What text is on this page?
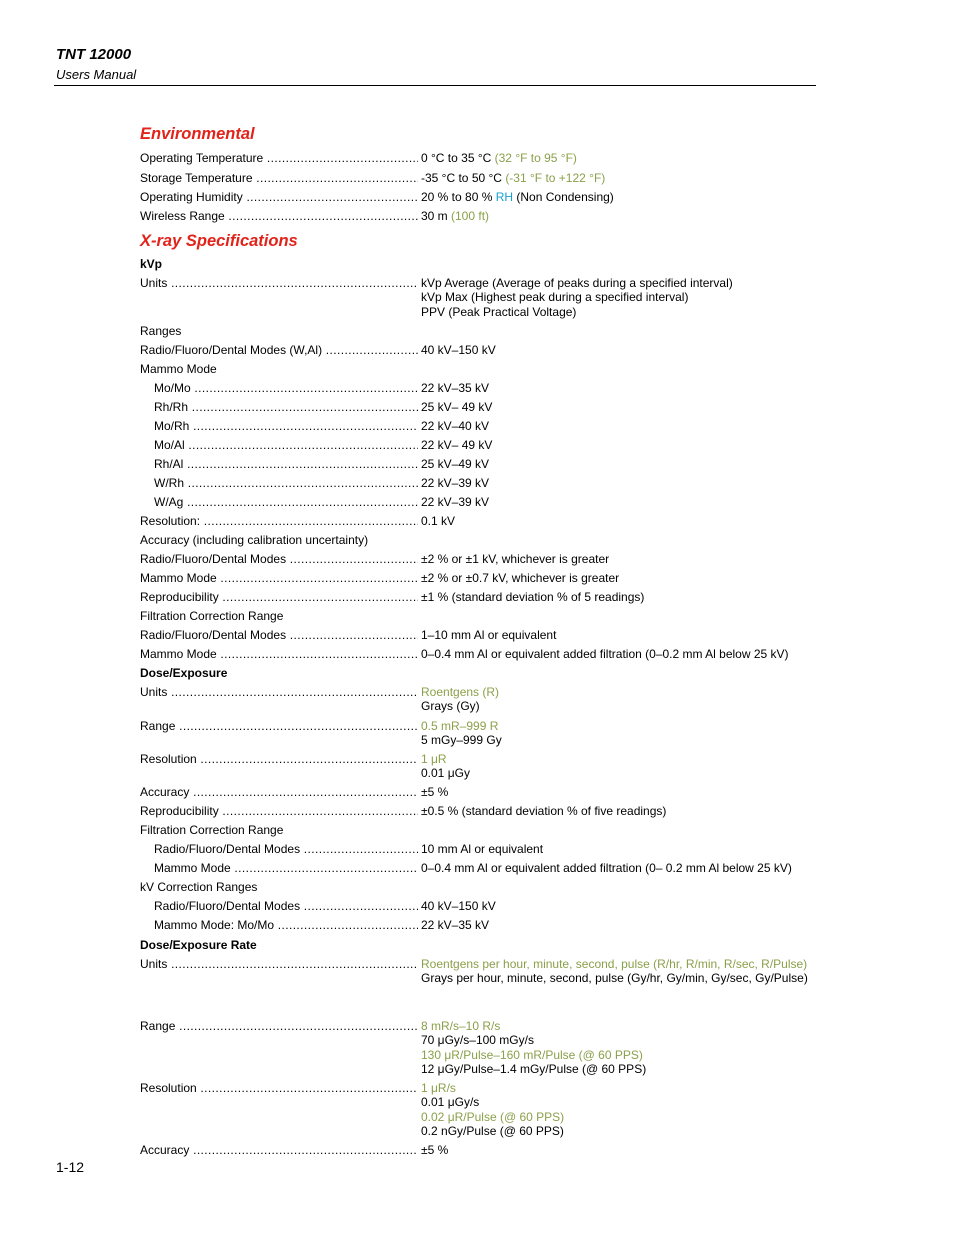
TNT 12000
Users Manual
Environmental
Operating Temperature .....	0 °C to 35 °C (32 °F to 95 °F)
Storage Temperature .....	-35 °C to 50 °C (-31 °F to +122 °F)
Operating Humidity .....	20 % to 80 % RH (Non Condensing)
Wireless Range .....	30 m (100 ft)
X-ray Specifications
kVp
Dose/Exposure
Dose/Exposure Rate
Units .....	kVp Average (Average of peaks during a specified interval)
kVp Max (Highest peak during a specified interval)
PPV (Peak Practical Voltage)
Ranges
Radio/Fluoro/Dental Modes (W,Al) .....	40 kV–150 kV
Mammo Mode
Mo/Mo .....	22 kV–35 kV
Rh/Rh .....	25 kV– 49 kV
Mo/Rh .....	22 kV–40 kV
Mo/Al .....	22 kV– 49 kV
Rh/Al .....	25 kV–49 kV
W/Rh .....	22 kV–39 kV
W/Ag .....	22 kV–39 kV
Resolution: .....	0.1 kV
Accuracy (including calibration uncertainty)
Radio/Fluoro/Dental Modes .....	±2 % or ±1 kV, whichever is greater
Mammo Mode .....	±2 % or ±0.7 kV, whichever is greater
Reproducibility .....	±1 % (standard deviation % of 5 readings)
Filtration Correction Range
Radio/Fluoro/Dental Modes .....	1–10 mm Al or equivalent
Mammo Mode .....	0–0.4 mm Al or equivalent added filtration (0–0.2 mm Al below 25 kV)
Units .....	Roentgens (R)
Grays (Gy)
Range .....	0.5 mR–999 R
5 mGy–999 Gy
Resolution .....	1 μR
0.01 μGy
Accuracy .....	±5 %
Reproducibility .....	±0.5 % (standard deviation % of five readings)
Filtration Correction Range
Radio/Fluoro/Dental Modes .....	10 mm Al or equivalent
Mammo Mode .....	0–0.4 mm Al or equivalent added filtration (0– 0.2 mm Al below 25 kV)
kV Correction Ranges
Radio/Fluoro/Dental Modes .....	40 kV–150 kV
Mammo Mode: Mo/Mo .....	22 kV–35 kV
Units .....	Roentgens per hour, minute, second, pulse (R/hr, R/min, R/sec, R/Pulse)
Grays per hour, minute, second, pulse (Gy/hr, Gy/min, Gy/sec, Gy/Pulse)
Range .....	8 mR/s–10 R/s
70 μGy/s–100 mGy/s
130 μR/Pulse–160 mR/Pulse (@ 60 PPS)
12 μGy/Pulse–1.4 mGy/Pulse (@ 60 PPS)
Resolution .....	1 μR/s
0.01 μGy/s
0.02 μR/Pulse (@ 60 PPS)
0.2 nGy/Pulse (@ 60 PPS)
Accuracy .....	±5 %
1-12
